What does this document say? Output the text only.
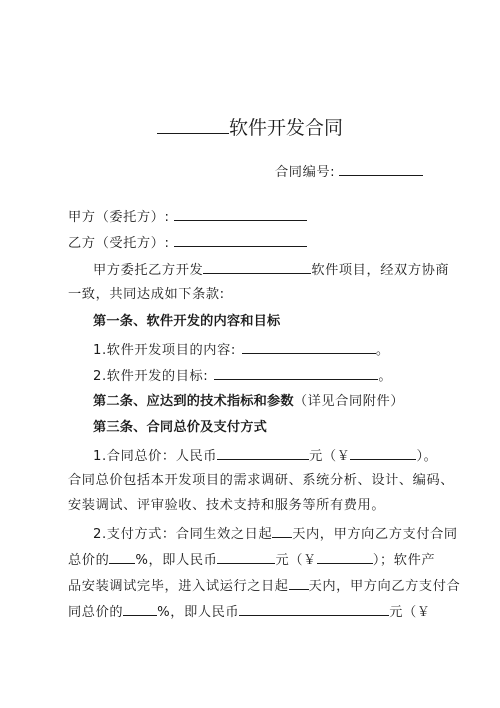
软件开发合同
合同编号:
甲方（委托方）:
乙方（受托方）:
甲方委托乙方开发	软件项目，经双方协商
一致，共同达成如下条款:
第一条、软件开发的内容和目标
1.软件开发项目的内容:	。
2.软件开发的目标:	。
第二条、应达到的技术指标和参数（详见合同附件）
第三条、合同总价及支付方式
1.合同总价：人民币	元（￥	）。
合同总价包括本开发项目的需求调研、系统分析、设计、编码、
安装调试、评审验收、技术支持和服务等所有费用。
2.支付方式：合同生效之日起 天内，甲方向乙方支付合同
总价的 %，即人民币	元（￥	）；软件产
品安装调试完毕，进入试运行之日起 天内，甲方向乙方支付合
同总价的	%，即人民币	元（￥
